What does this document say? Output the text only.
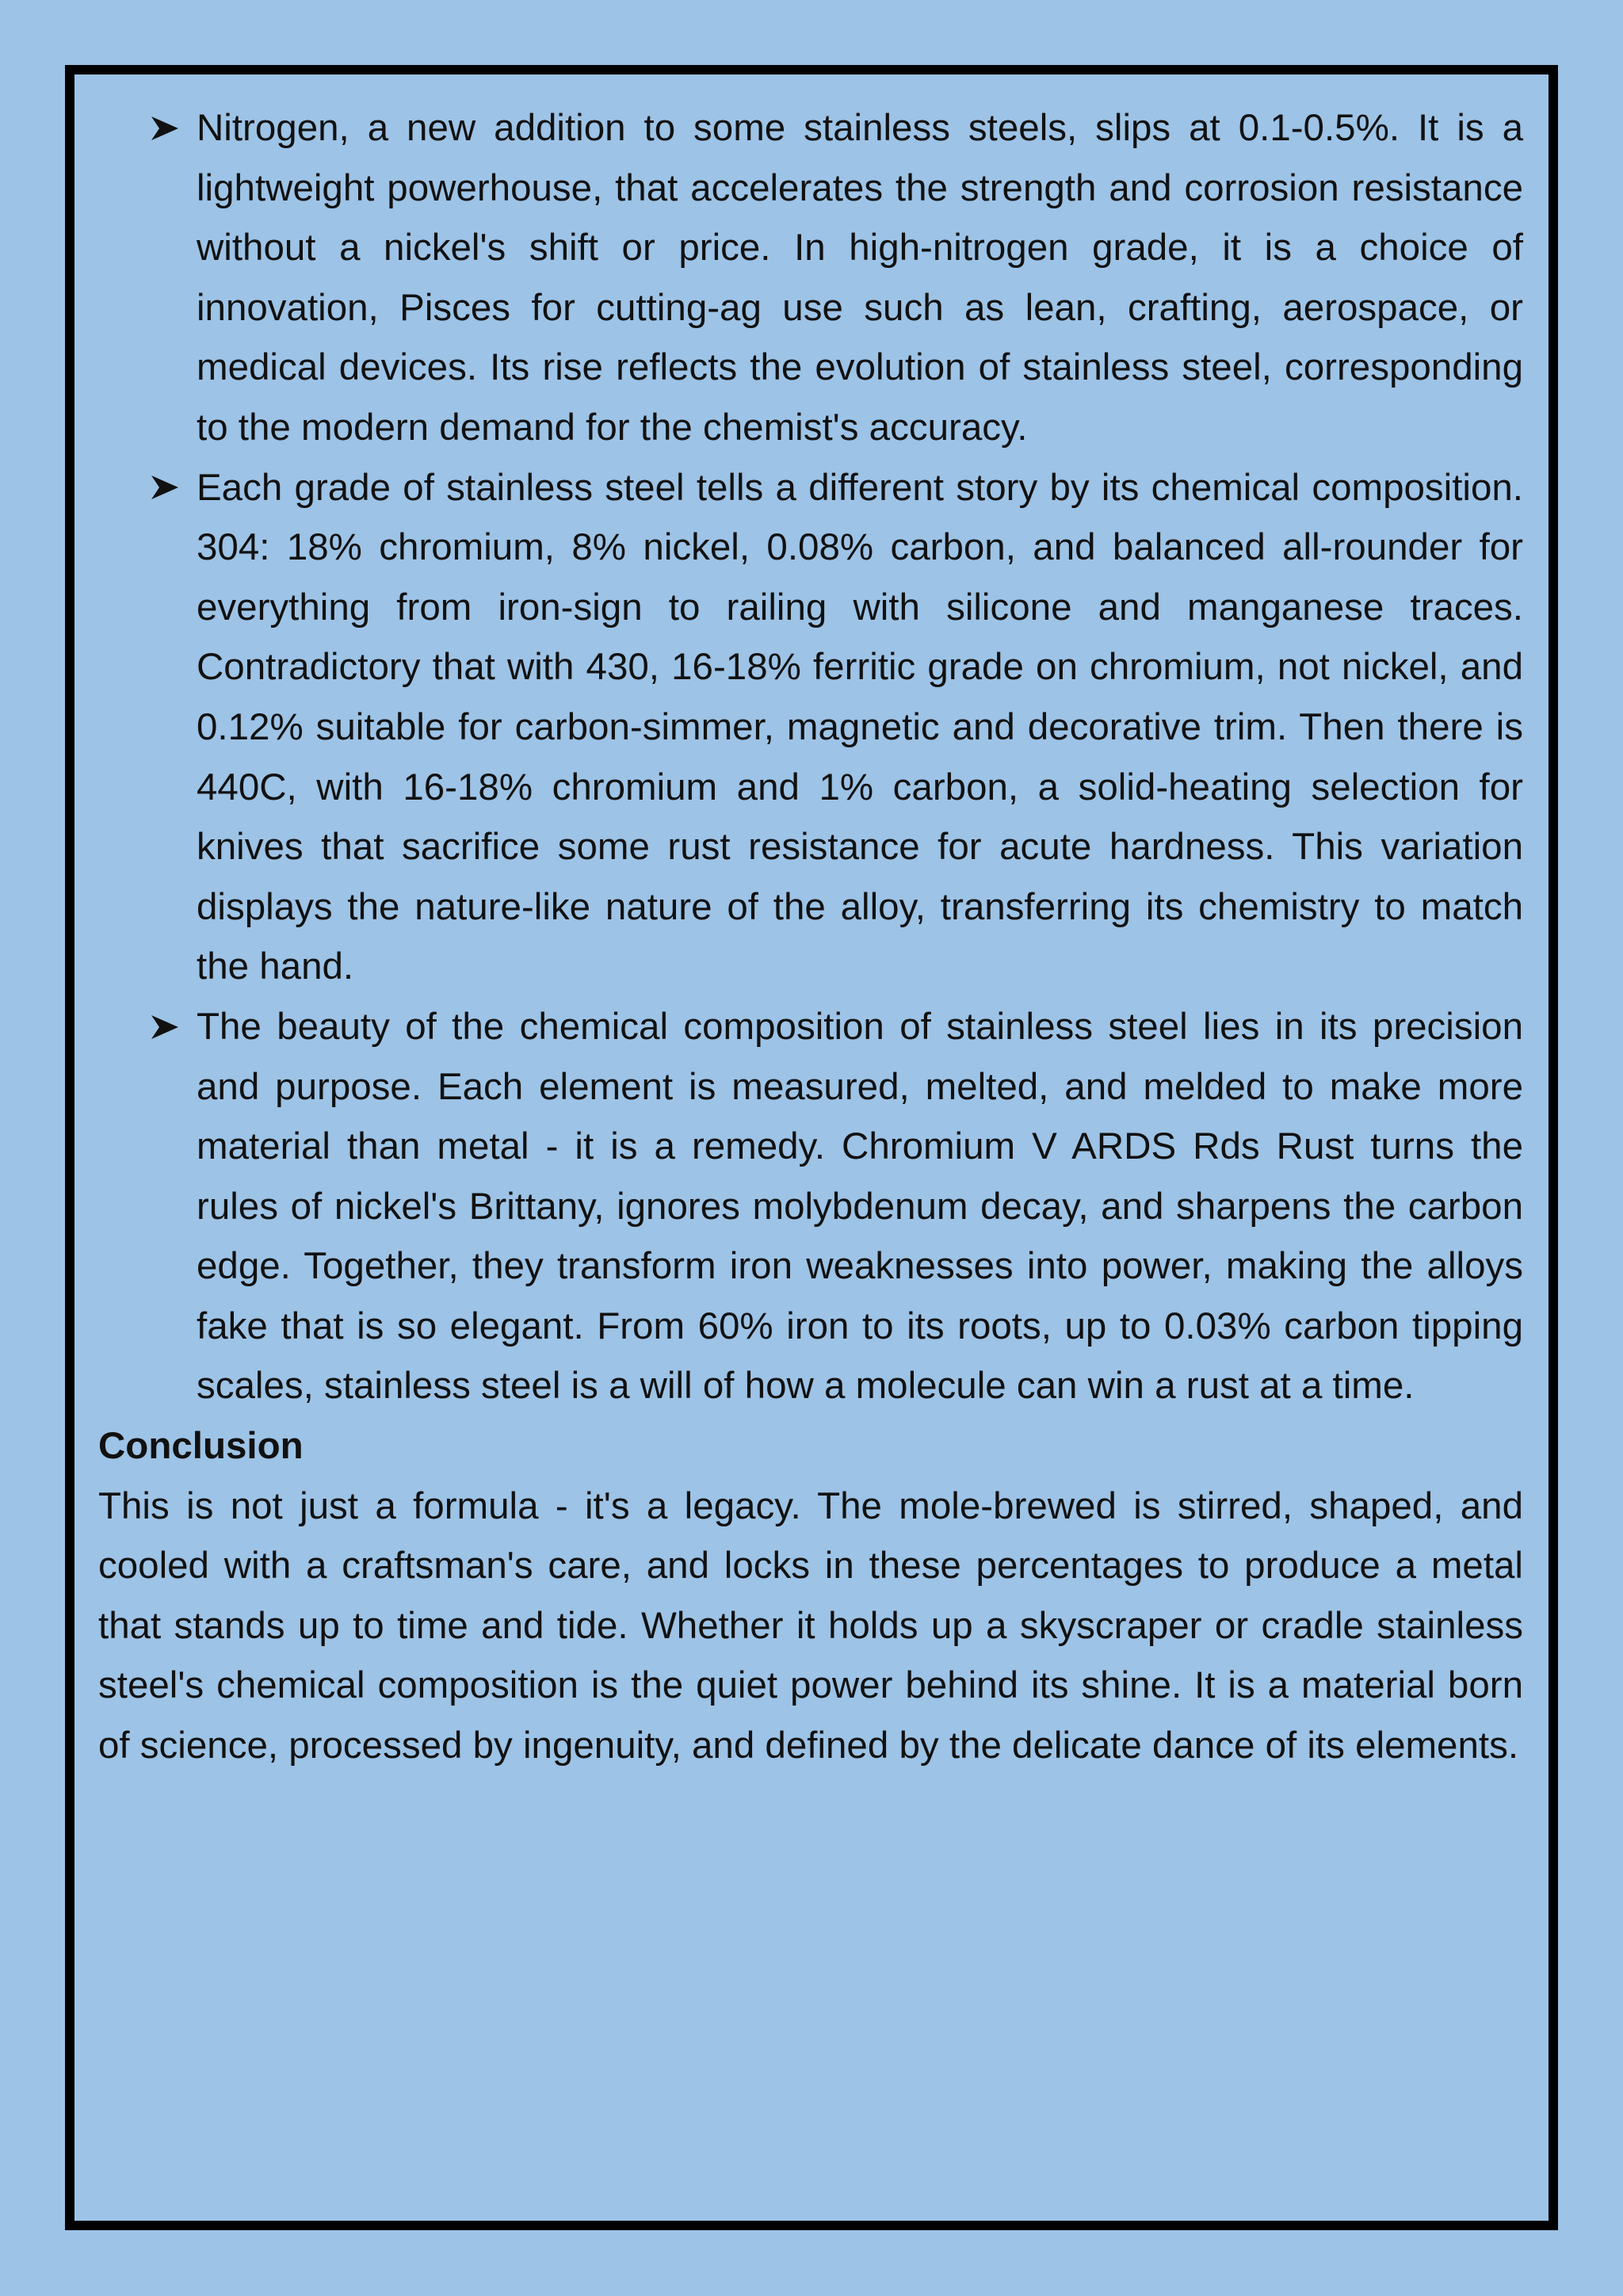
Nitrogen, a new addition to some stainless steels, slips at 0.1-0.5%. It is a lightweight powerhouse, that accelerates the strength and corrosion resistance without a nickel's shift or price. In high-nitrogen grade, it is a choice of innovation, Pisces for cutting-ag use such as lean, crafting, aerospace, or medical devices. Its rise reflects the evolution of stainless steel, corresponding to the modern demand for the chemist's accuracy.
Each grade of stainless steel tells a different story by its chemical composition. 304: 18% chromium, 8% nickel, 0.08% carbon, and balanced all-rounder for everything from iron-sign to railing with silicone and manganese traces. Contradictory that with 430, 16-18% ferritic grade on chromium, not nickel, and 0.12% suitable for carbon-simmer, magnetic and decorative trim. Then there is 440C, with 16-18% chromium and 1% carbon, a solid-heating selection for knives that sacrifice some rust resistance for acute hardness. This variation displays the nature-like nature of the alloy, transferring its chemistry to match the hand.
The beauty of the chemical composition of stainless steel lies in its precision and purpose. Each element is measured, melted, and melded to make more material than metal - it is a remedy. Chromium V ARDS Rds Rust turns the rules of nickel's Brittany, ignores molybdenum decay, and sharpens the carbon edge. Together, they transform iron weaknesses into power, making the alloys fake that is so elegant. From 60% iron to its roots, up to 0.03% carbon tipping scales, stainless steel is a will of how a molecule can win a rust at a time.
Conclusion

This is not just a formula - it's a legacy. The mole-brewed is stirred, shaped, and cooled with a craftsman's care, and locks in these percentages to produce a metal that stands up to time and tide. Whether it holds up a skyscraper or cradle stainless steel's chemical composition is the quiet power behind its shine. It is a material born of science, processed by ingenuity, and defined by the delicate dance of its elements.
